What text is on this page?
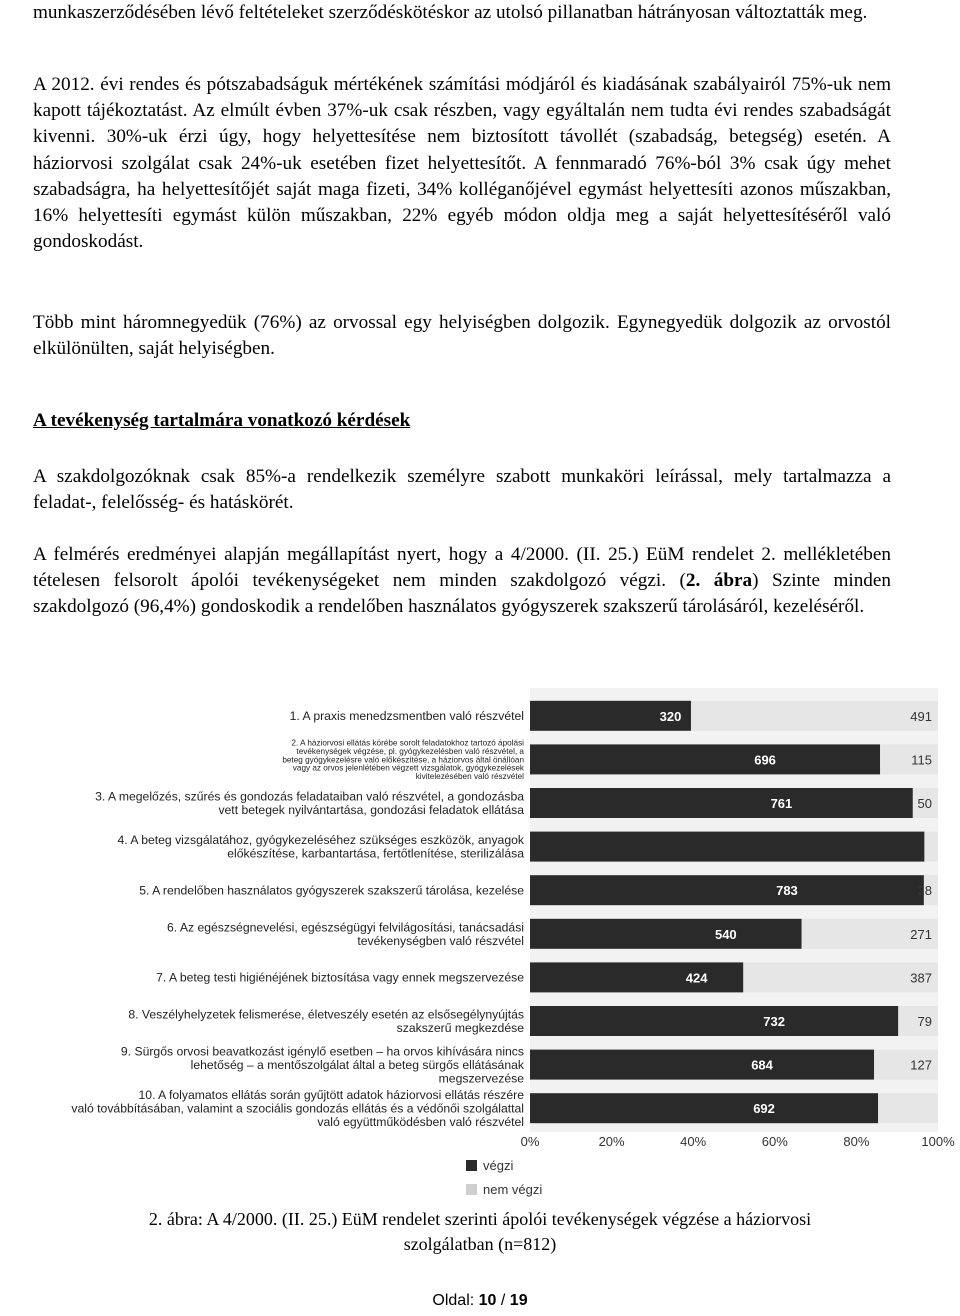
munkaszerződésében lévő feltételeket szerződéskötéskor az utolsó pillanatban hátrányosan változtatták meg.

A 2012. évi rendes és pótszabadságuk mértékének számítási módjáról és kiadásának szabályairól 75%-uk nem kapott tájékoztatást. Az elmúlt évben 37%-uk csak részben, vagy egyáltalán nem tudta évi rendes szabadságát kivenni. 30%-uk érzi úgy, hogy helyettesítése nem biztosított távollét (szabadság, betegség) esetén. A háziorvosi szolgálat csak 24%-uk esetében fizet helyettesítőt. A fennmaradó 76%-ból 3% csak úgy mehet szabadságra, ha helyettesítőjét saját maga fizeti, 34% kolléganőjével egymást helyettesíti azonos műszakban, 16% helyettesíti egymást külön műszakban, 22% egyéb módon oldja meg a saját helyettesítéséről való gondoskodást.

Több mint háromnegyedük (76%) az orvossal egy helyiségben dolgozik. Egynegyedük dolgozik az orvostól elkülönülten, saját helyiségben.

A tevékenység tartalmára vonatkozó kérdések

A szakdolgozóknak csak 85%-a rendelkezik személyre szabott munkaköri leírással, mely tartalmazza a feladat-, felelősség- és hatáskörét.

A felmérés eredményei alapján megállapítást nyert, hogy a 4/2000. (II. 25.) EüM rendelet 2. mellékletében tételesen felsorolt ápolói tevékenységeket nem minden szakdolgozó végzi. (2. ábra) Szinte minden szakdolgozó (96,4%) gondoskodik a rendelőben használatos gyógyszerek szakszerű tárolásáról, kezeléséről.

320	491
1. A praxis menedzsmentben való részvétel
696	115
2. A háziorvosi ellátás körébe sorolt feladatokhoz tartozó ápolási
tevékenységek végzése, pl. gyógykezelésben való részvétel, a
beteg gyógykezelésre való előkészítése, a háziorvos által önállóan
vagy az orvos jelenlétében végzett vizsgálatok, gyógykezelések
kivitelezésében való részvétel
761	50
3. A megelőzés, szűrés és gondozás feladataiban való részvétel, a gondozásba
vett betegek nyilvántartása, gondozási feladatok ellátása
4. A beteg vizsgálatához, gyógykezeléséhez szükséges eszközök, anyagok
előkészítése, karbantartása, fertőtlenítése, sterilizálása
783	28
5. A rendelőben használatos gyógyszerek szakszerű tárolása, kezelése
540	271
6. Az egészségnevelési, egészségügyi felvilágosítási, tanácsadási
tevékenységben való részvétel
424	387
7. A beteg testi higiénéjének biztosítása vagy ennek megszervezése
732	79
8. Veszélyhelyzetek felismerése, életveszély esetén az elsősegélynyújtás
szakszerű megkezdése
684	127
9. Sürgős orvosi beavatkozást igénylő esetben – ha orvos kihívására nincs
lehetőség – a mentőszolgálat által a beteg sürgős ellátásának
megszervezése
692
10. A folyamatos ellátás során gyűjtött adatok háziorvosi ellátás részére
való továbbításában, valamint a szociális gondozás ellátás és a védőnői szolgálattal
való együttműködésben való részvétel
0%	20%	40%	60%	80%	100%
végzi
nem végzi
2. ábra: A 4/2000. (II. 25.) EüM rendelet szerinti ápolói tevékenységek végzése a háziorvosi
szolgálatban (n=812)
Oldal: 10 / 19
